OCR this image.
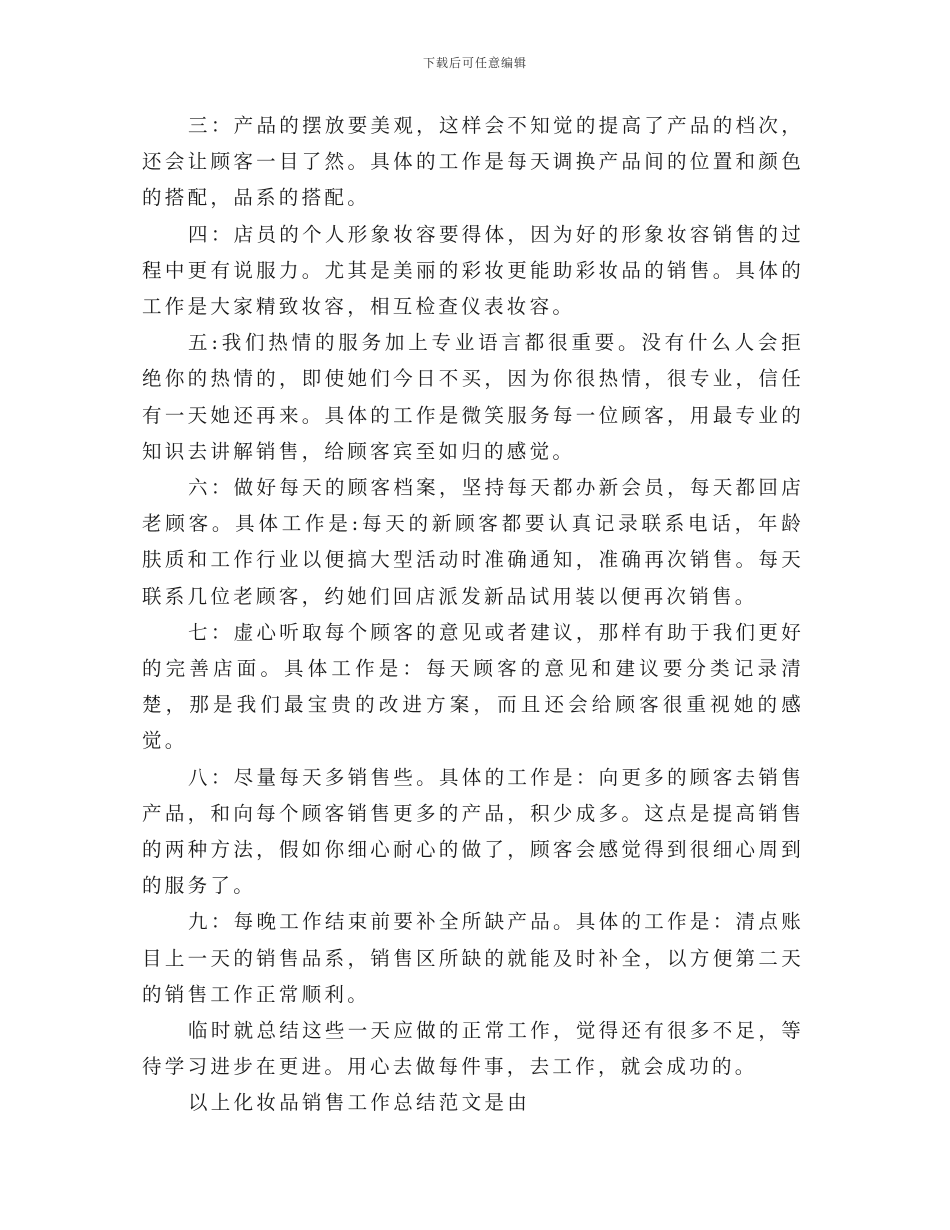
下载后可任意编辑

三：产品的摆放要美观，这样会不知觉的提高了产品的档次，还会让顾客一目了然。具体的工作是每天调换产品间的位置和颜色的搭配，品系的搭配。

四：店员的个人形象妆容要得体，因为好的形象妆容销售的过程中更有说服力。尤其是美丽的彩妆更能助彩妆品的销售。具体的工作是大家精致妆容，相互检查仪表妆容。

五:我们热情的服务加上专业语言都很重要。没有什么人会拒绝你的热情的，即使她们今日不买，因为你很热情，很专业，信任有一天她还再来。具体的工作是微笑服务每一位顾客，用最专业的知识去讲解销售，给顾客宾至如归的感觉。

六：做好每天的顾客档案，坚持每天都办新会员，每天都回店老顾客。具体工作是:每天的新顾客都要认真记录联系电话，年龄肤质和工作行业以便搞大型活动时准确通知，准确再次销售。每天联系几位老顾客，约她们回店派发新品试用装以便再次销售。

七：虚心听取每个顾客的意见或者建议，那样有助于我们更好的完善店面。具体工作是：每天顾客的意见和建议要分类记录清楚，那是我们最宝贵的改进方案，而且还会给顾客很重视她的感觉。

八：尽量每天多销售些。具体的工作是：向更多的顾客去销售产品，和向每个顾客销售更多的产品，积少成多。这点是提高销售的两种方法，假如你细心耐心的做了，顾客会感觉得到很细心周到的服务了。

九：每晚工作结束前要补全所缺产品。具体的工作是：清点账目上一天的销售品系，销售区所缺的就能及时补全，以方便第二天的销售工作正常顺利。

临时就总结这些一天应做的正常工作，觉得还有很多不足，等待学习进步在更进。用心去做每件事，去工作，就会成功的。

以上化妆品销售工作总结范文是由
